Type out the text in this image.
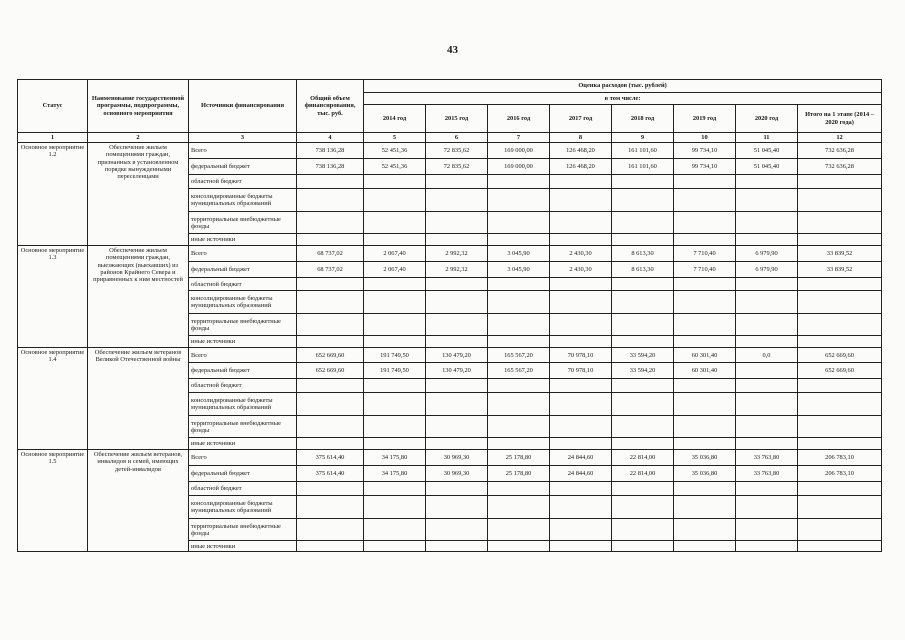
43
Статус	Наименование государственной программы, подпрограммы, основного мероприятия	Источники финансирования	Общий объем финансирования, тыс. руб.	Оценка расходов (тыс. рублей)							
				в том числе:							
				2014 год	2015 год	2016 год	2017 год	2018 год	2019 год	2020 год	Итого на 1 этапе (2014 – 2020 года)
1	2	3	4	5	6	7	8	9	10	11	12
Основное мероприятие 1.2	Обеспечение жильем помещениями граждан, признанных в установленном порядке вынужденными переселенцами	Всего	738 136,28	52 451,36	72 835,62	169 000,00	126 468,20	161 101,60	99 734,10	51 045,40	732 636,28
		федеральный бюджет	738 136,28	52 451,36	72 835,62	169 000,00	126 468,20	161 101,60	99 734,10	51 045,40	732 636,28
		областной бюджет									
		консолидированные бюджеты муниципальных образований									
		территориальные внебюджетные фонды									
		иные источники									
Основное мероприятие 1.3	Обеспечение жильем помещениями граждан, выезжающих (выехавших) из районов Крайнего Севера и приравненных к ним местностей	Всего	68 737,02	2 067,40	2 992,32	3 045,90	2 430,30	8 613,30	7 710,40	6 979,90	33 839,52
		федеральный бюджет	68 737,02	2 067,40	2 992,32	3 045,90	2 430,30	8 613,30	7 710,40	6 979,90	33 839,52
		областной бюджет									
		консолидированные бюджеты муниципальных образований									
		территориальные внебюджетные фонды									
		иные источники									
Основное мероприятие 1.4	Обеспечение жильем ветеранов Великой Отечественной войны	Всего	652 669,60	191 749,50	130 479,20	165 567,20	70 978,10	33 594,20	60 301,40	0,0	652 669,60
		федеральный бюджет	652 669,60	191 749,50	130 479,20	165 567,20	70 978,10	33 594,20	60 301,40		652 669,60
		областной бюджет									
		консолидированные бюджеты муниципальных образований									
		территориальные внебюджетные фонды									
		иные источники									
Основное мероприятие 1.5	Обеспечение жильем ветеранов, инвалидов и семей, имеющих детей-инвалидов	Всего	375 614,40	34 175,80	30 969,30	25 178,80	24 844,60	22 814,00	35 036,80	33 763,80	206 783,10
		федеральный бюджет	375 614,40	34 175,80	30 969,30	25 178,80	24 844,60	22 814,00	35 036,80	33 763,80	206 783,10
		областной бюджет									
		консолидированные бюджеты муниципальных образований									
		территориальные внебюджетные фонды									
		иные источники									
